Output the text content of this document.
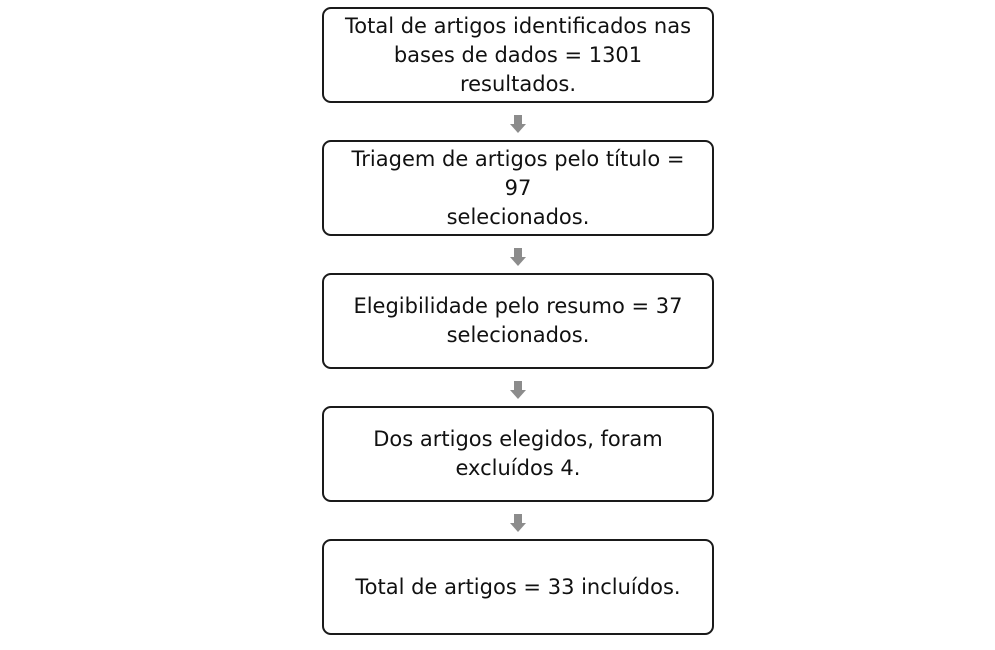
Total de artigos identificados nas
bases de dados = 1301 resultados.
Triagem de artigos pelo título = 97
selecionados.
Elegibilidade pelo resumo = 37
selecionados.
Dos artigos elegidos, foram
excluídos 4.
Total de artigos = 33 incluídos.
